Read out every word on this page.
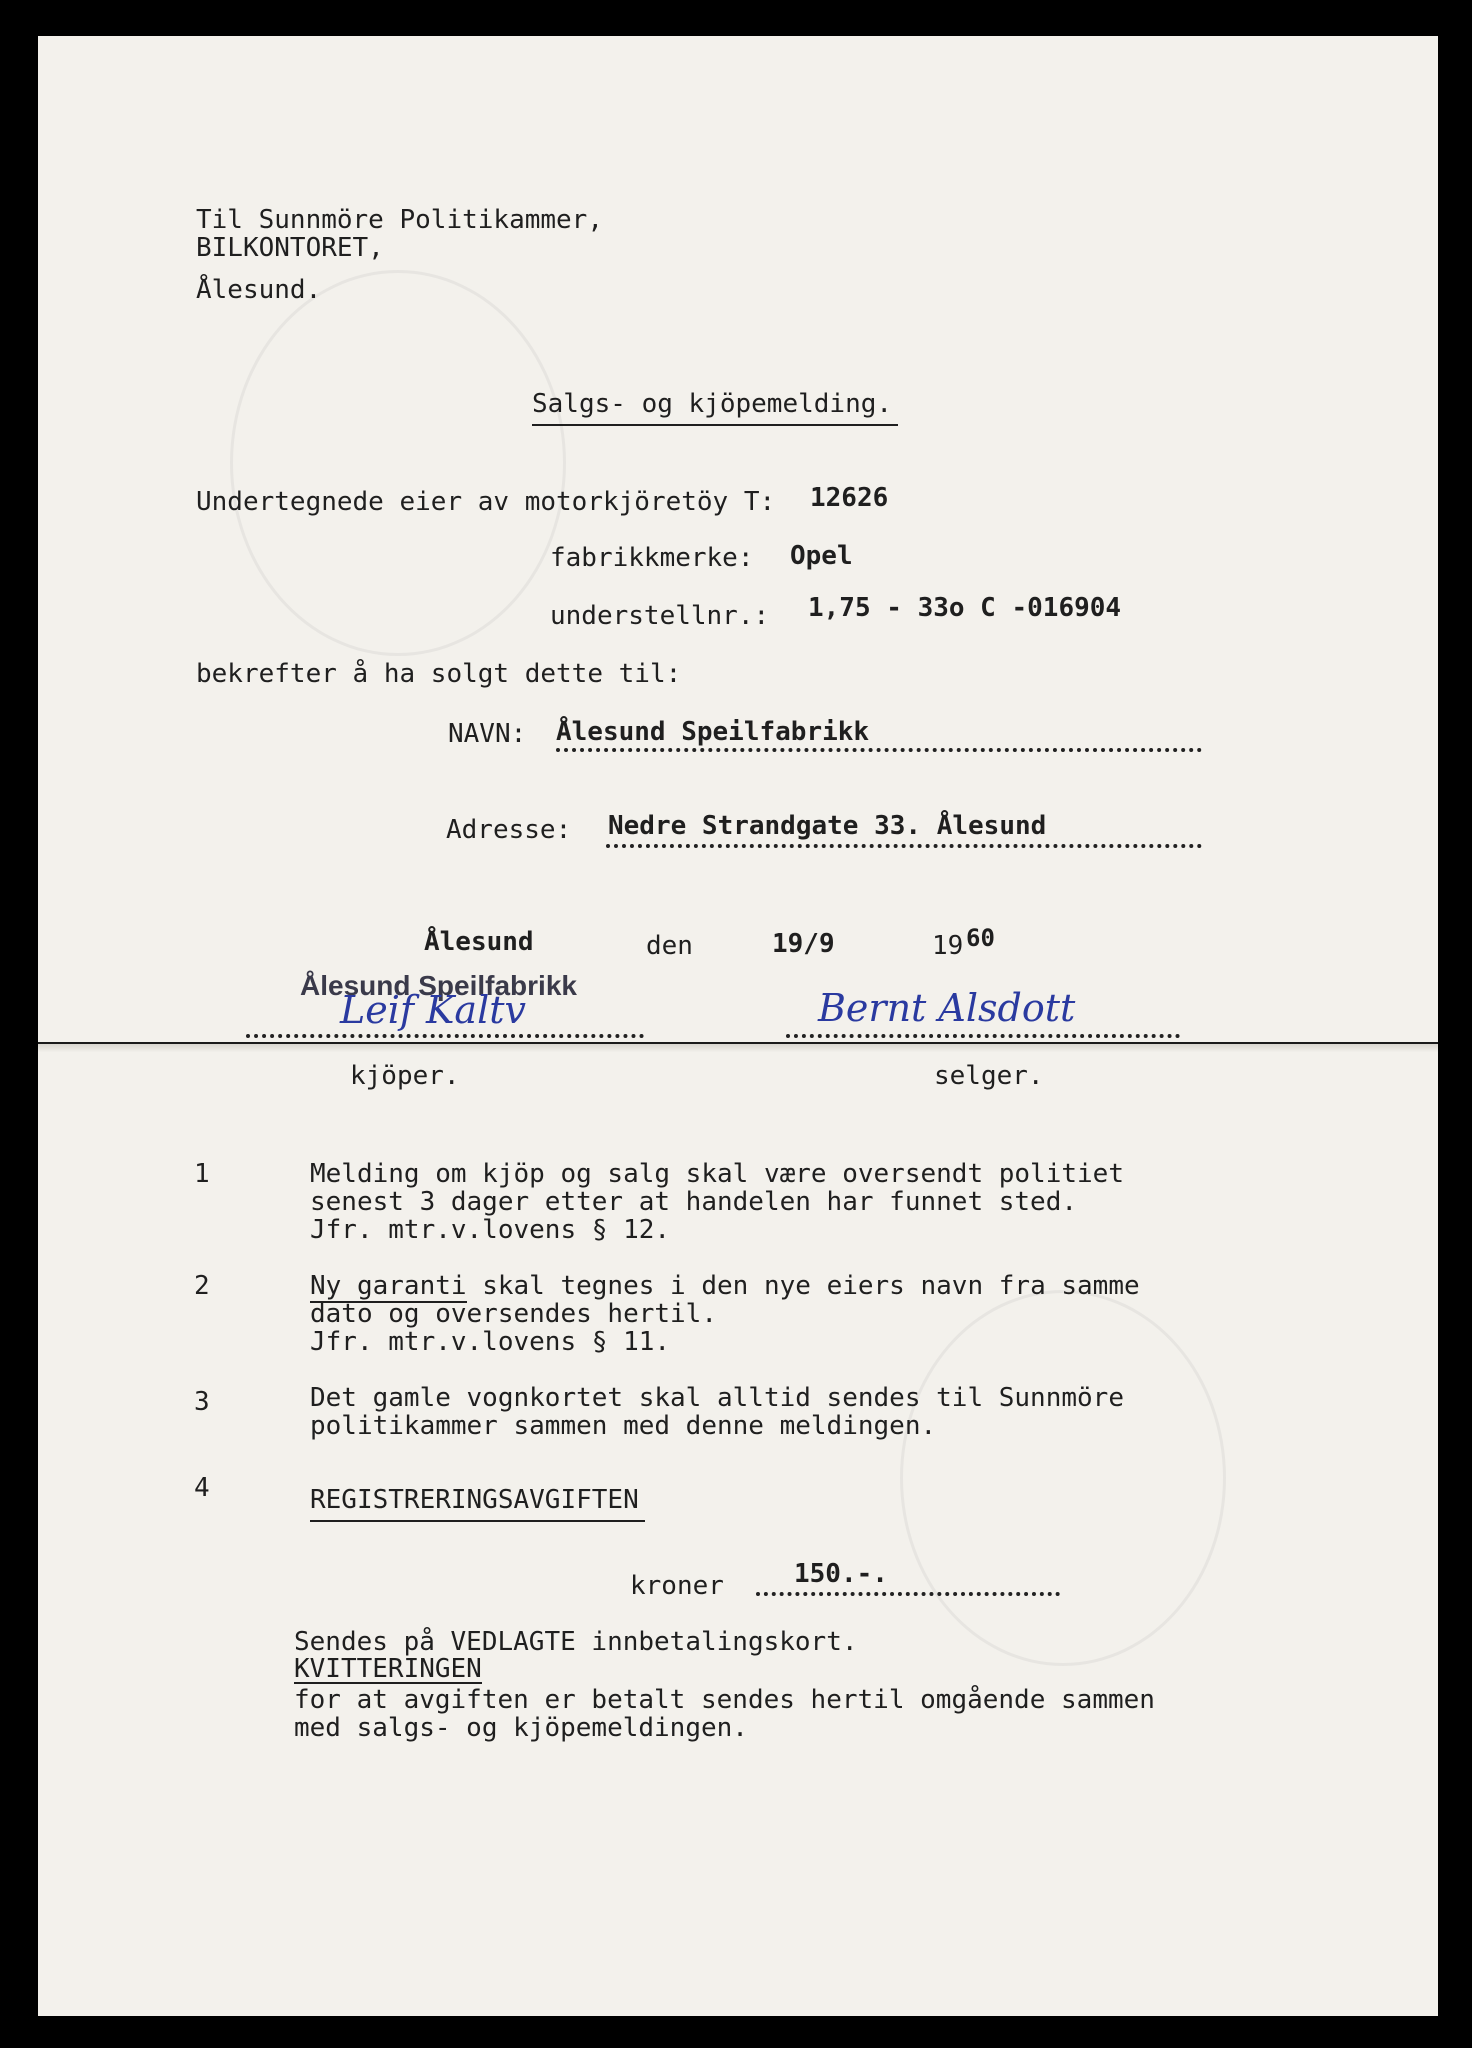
Til Sunnmöre Politikammer,
BILKONTORET,
Ålesund.
Salgs- og kjöpemelding.
Undertegnede eier av motorkjöretöy T: 12626
fabrikkmerke: Opel
understellnr.: 1,75 - 33o C -016904
bekrefter å ha solgt dette til:
NAVN: Ålesund Speilfabrikk
Adresse: Nedre Strandgate 33. Ålesund
Ålesund	den	19/9	19 60
Ålesund Speilfabrikk
Leif Kaltv	Bernt Alsdott
kjöper.	selger.
1	Melding om kjöp og salg skal være oversendt politiet
senest 3 dager etter at handelen har funnet sted.
Jfr. mtr.v.lovens § 12.
2	Ny garanti skal tegnes i den nye eiers navn fra samme
dato og oversendes hertil.
Jfr. mtr.v.lovens § 11.
3	Det gamle vognkortet skal alltid sendes til Sunnmöre
politikammer sammen med denne meldingen.
4	REGISTRERINGSAVGIFTEN
kroner	150.-.
Sendes på VEDLAGTE innbetalingskort.
KVITTERINGEN
for at avgiften er betalt sendes hertil omgående sammen
med salgs- og kjöpemeldingen.
